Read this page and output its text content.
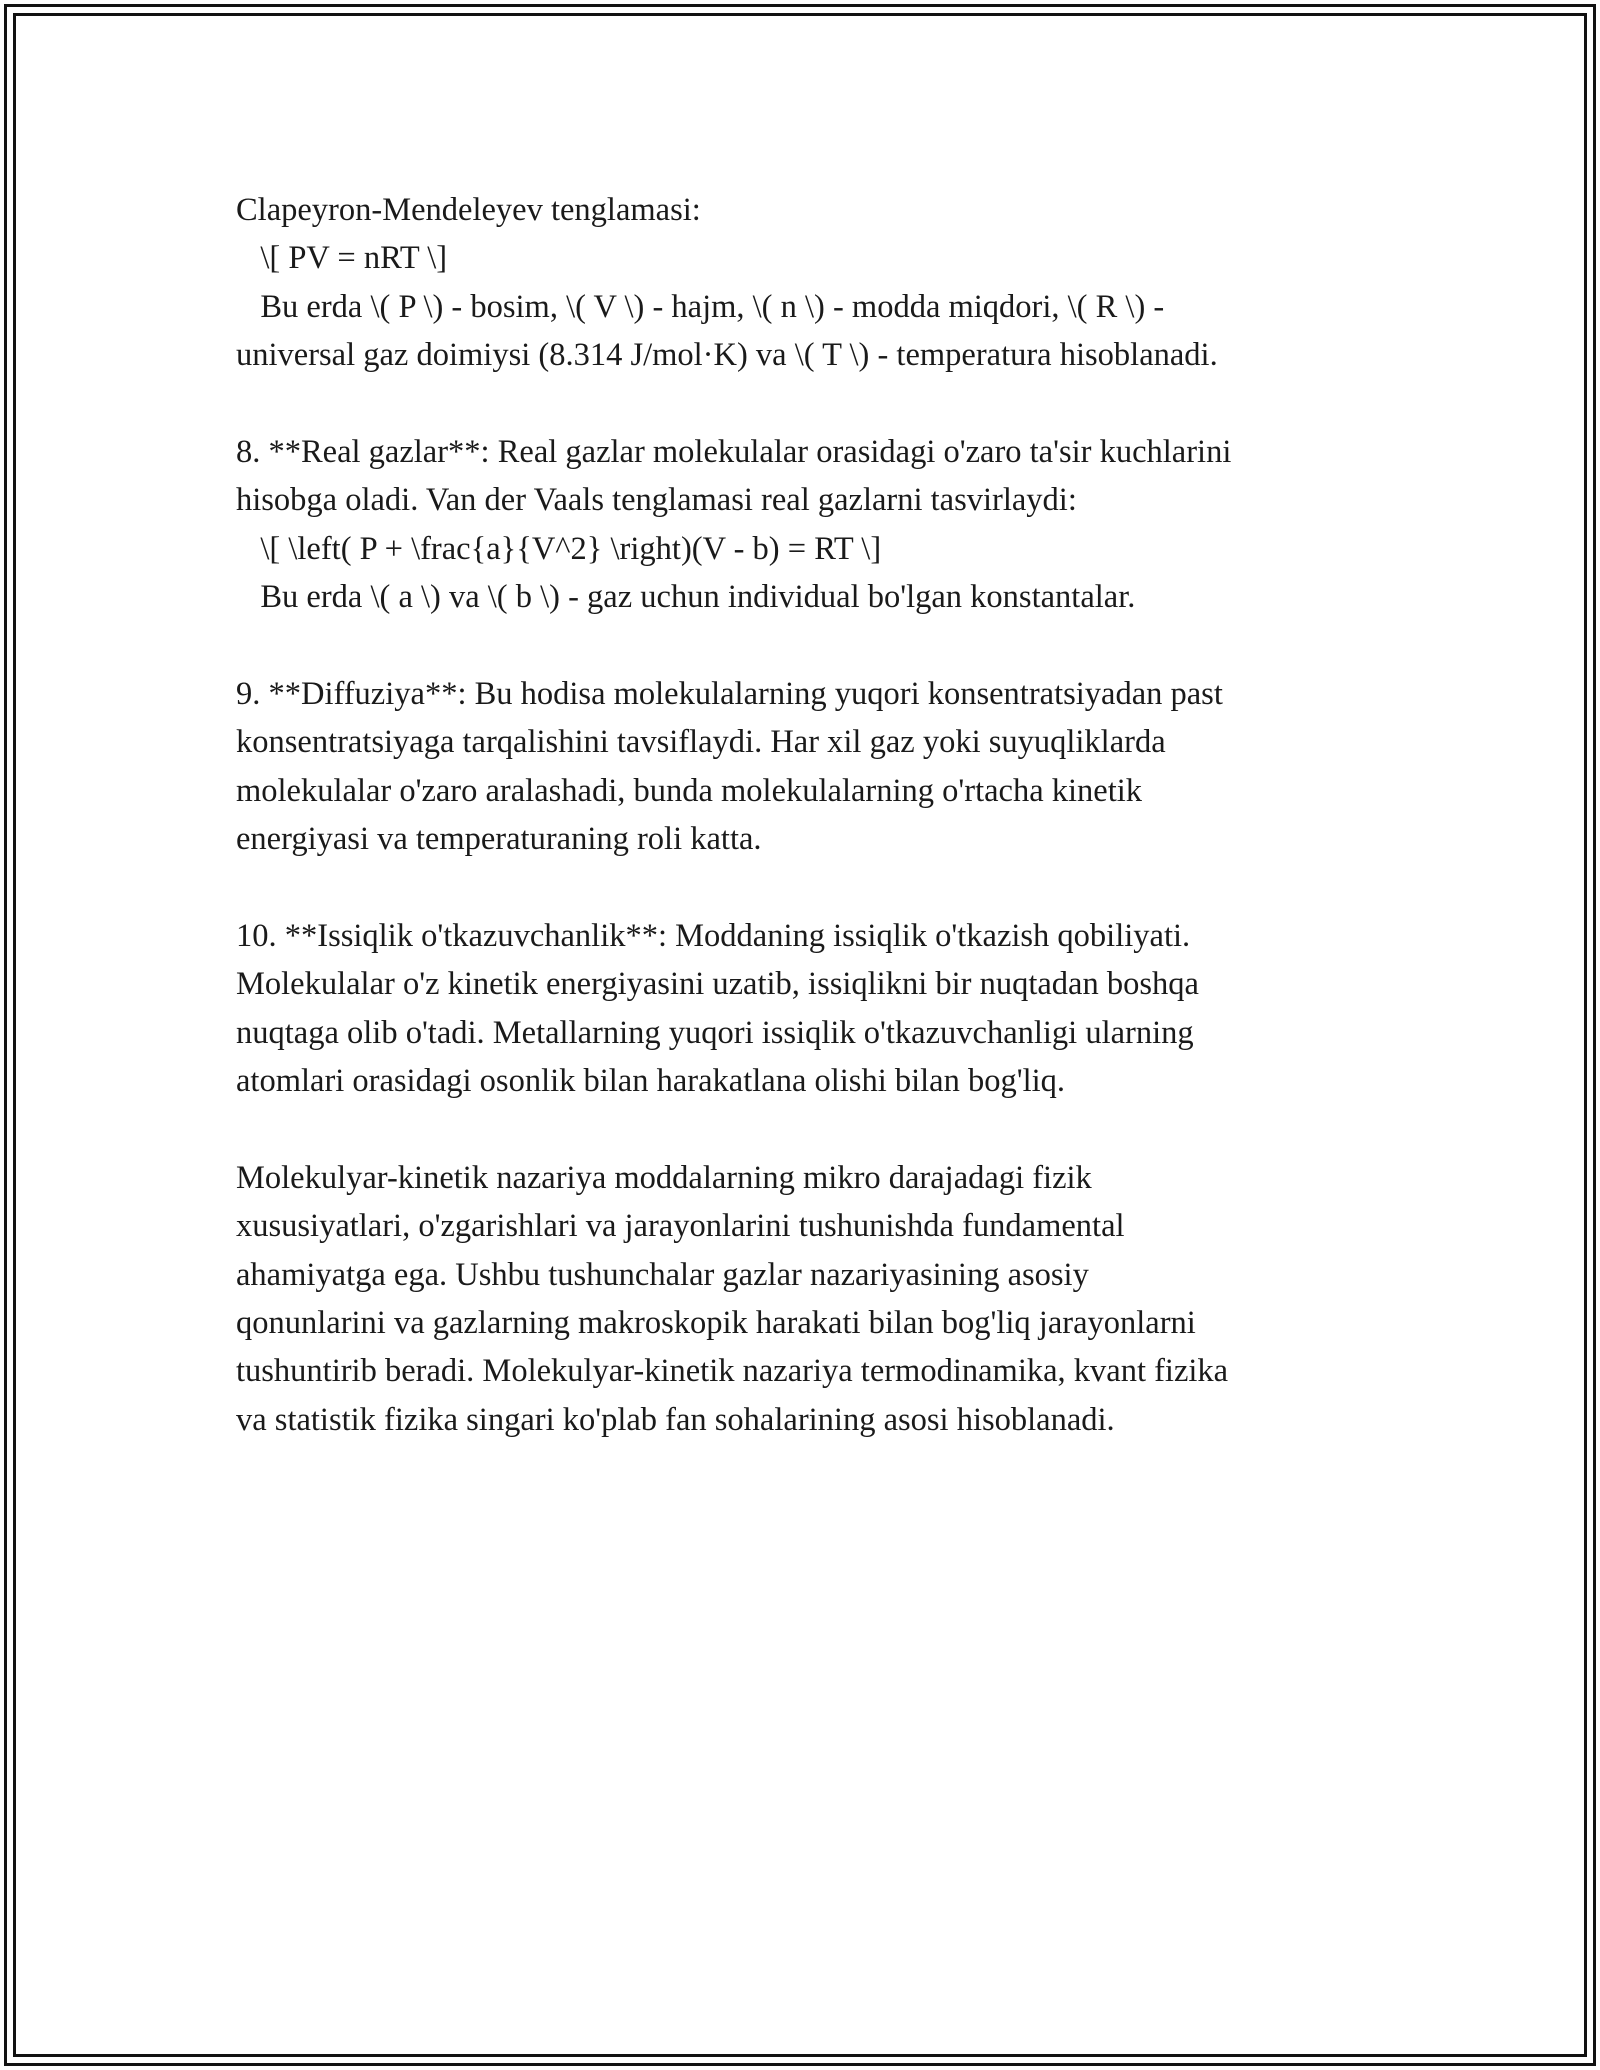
Clapeyron-Mendeleyev tenglamasi:

\[ PV = nRT \]

Bu erda \( P \) - bosim, \( V \) - hajm, \( n \) - modda miqdori, \( R \) -

universal gaz doimiysi (8.314 J/mol·K) va \( T \) - temperatura hisoblanadi.

8. **Real gazlar**: Real gazlar molekulalar orasidagi o'zaro ta'sir kuchlarini

hisobga oladi. Van der Vaals tenglamasi real gazlarni tasvirlaydi:

\[ \left( P + \frac{a}{V^2} \right)(V - b) = RT \]

Bu erda \( a \) va \( b \) - gaz uchun individual bo'lgan konstantalar.

9. **Diffuziya**: Bu hodisa molekulalarning yuqori konsentratsiyadan past

konsentratsiyaga tarqalishini tavsiflaydi. Har xil gaz yoki suyuqliklarda

molekulalar o'zaro aralashadi, bunda molekulalarning o'rtacha kinetik

energiyasi va temperaturaning roli katta.

10. **Issiqlik o'tkazuvchanlik**: Moddaning issiqlik o'tkazish qobiliyati.

Molekulalar o'z kinetik energiyasini uzatib, issiqlikni bir nuqtadan boshqa

nuqtaga olib o'tadi. Metallarning yuqori issiqlik o'tkazuvchanligi ularning

atomlari orasidagi osonlik bilan harakatlana olishi bilan bog'liq.

Molekulyar-kinetik nazariya moddalarning mikro darajadagi fizik

xususiyatlari, o'zgarishlari va jarayonlarini tushunishda fundamental

ahamiyatga ega. Ushbu tushunchalar gazlar nazariyasining asosiy

qonunlarini va gazlarning makroskopik harakati bilan bog'liq jarayonlarni

tushuntirib beradi. Molekulyar-kinetik nazariya termodinamika, kvant fizika

va statistik fizika singari ko'plab fan sohalarining asosi hisoblanadi.
